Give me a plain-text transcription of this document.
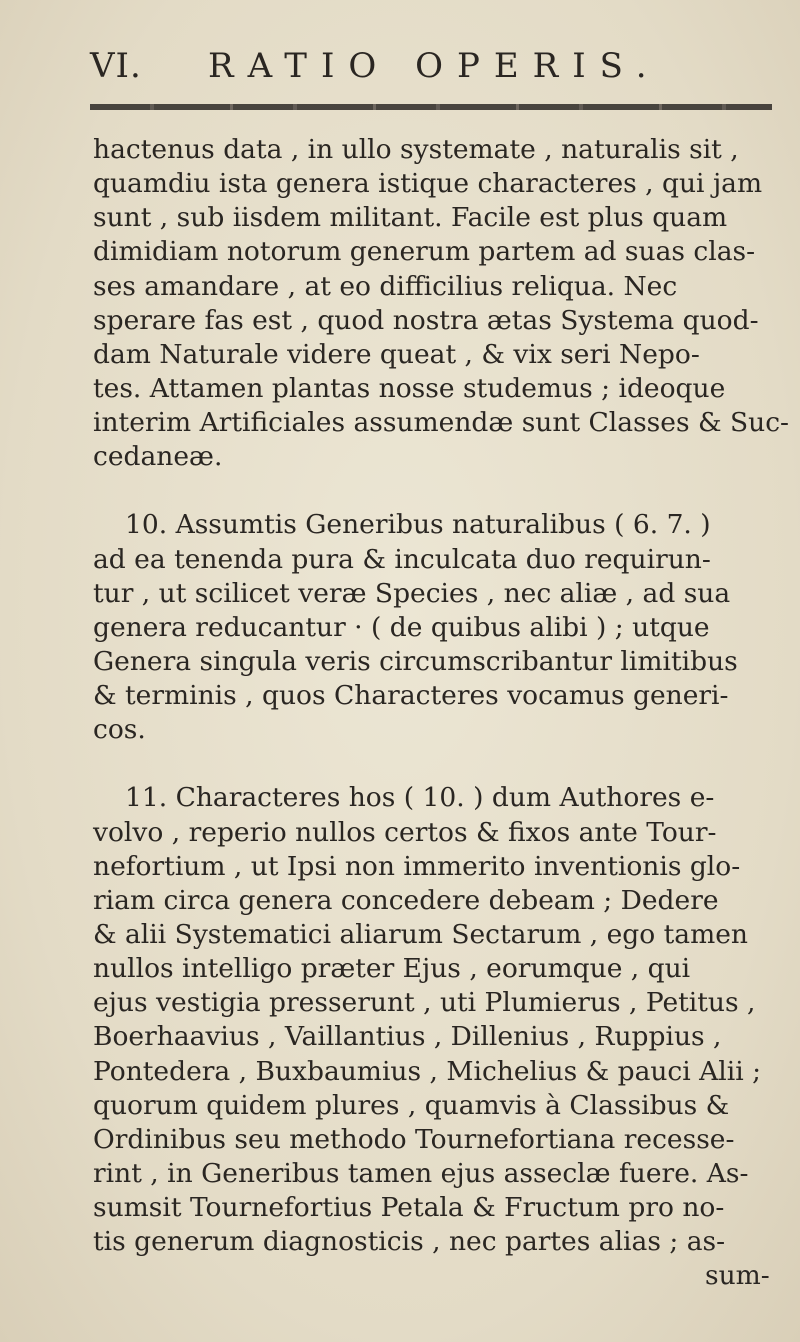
VI. RATIO OPERIS.
hactenus data , in ullo systemate , naturalis sit ,
quamdiu ista genera istique characteres , qui jam
sunt , sub iisdem militant. Facile est plus quam
dimidiam notorum generum partem ad suas clas-
ses amandare , at eo difficilius reliqua. Nec
sperare fas est , quod nostra ætas Systema quod-
dam Naturale videre queat , & vix seri Nepo-
tes. Attamen plantas nosse studemus ; ideoque
interim Artificiales assumendæ sunt Classes & Suc-
cedaneæ.
10. Assumtis Generibus naturalibus ( 6. 7. )
ad ea tenenda pura & inculcata duo requirun-
tur , ut scilicet veræ Species , nec aliæ , ad sua
genera reducantur · ( de quibus alibi ) ; utque
Genera singula veris circumscribantur limitibus
& terminis , quos Characteres vocamus generi-
cos.
11. Characteres hos ( 10. ) dum Authores e-
volvo , reperio nullos certos & fixos ante Tour-
nefortium , ut Ipsi non immerito inventionis glo-
riam circa genera concedere debeam ; Dedere
& alii Systematici aliarum Sectarum , ego tamen
nullos intelligo præter Ejus , eorumque , qui
ejus vestigia presserunt , uti Plumierus , Petitus ,
Boerhaavius , Vaillantius , Dillenius , Ruppius ,
Pontedera , Buxbaumius , Michelius & pauci Alii ;
quorum quidem plures , quamvis à Classibus &
Ordinibus seu methodo Tournefortiana recesse-
rint , in Generibus tamen ejus asseclæ fuere. As-
sumsit Tournefortius Petala & Fructum pro no-
tis generum diagnosticis , nec partes alias ; as-
sum-
